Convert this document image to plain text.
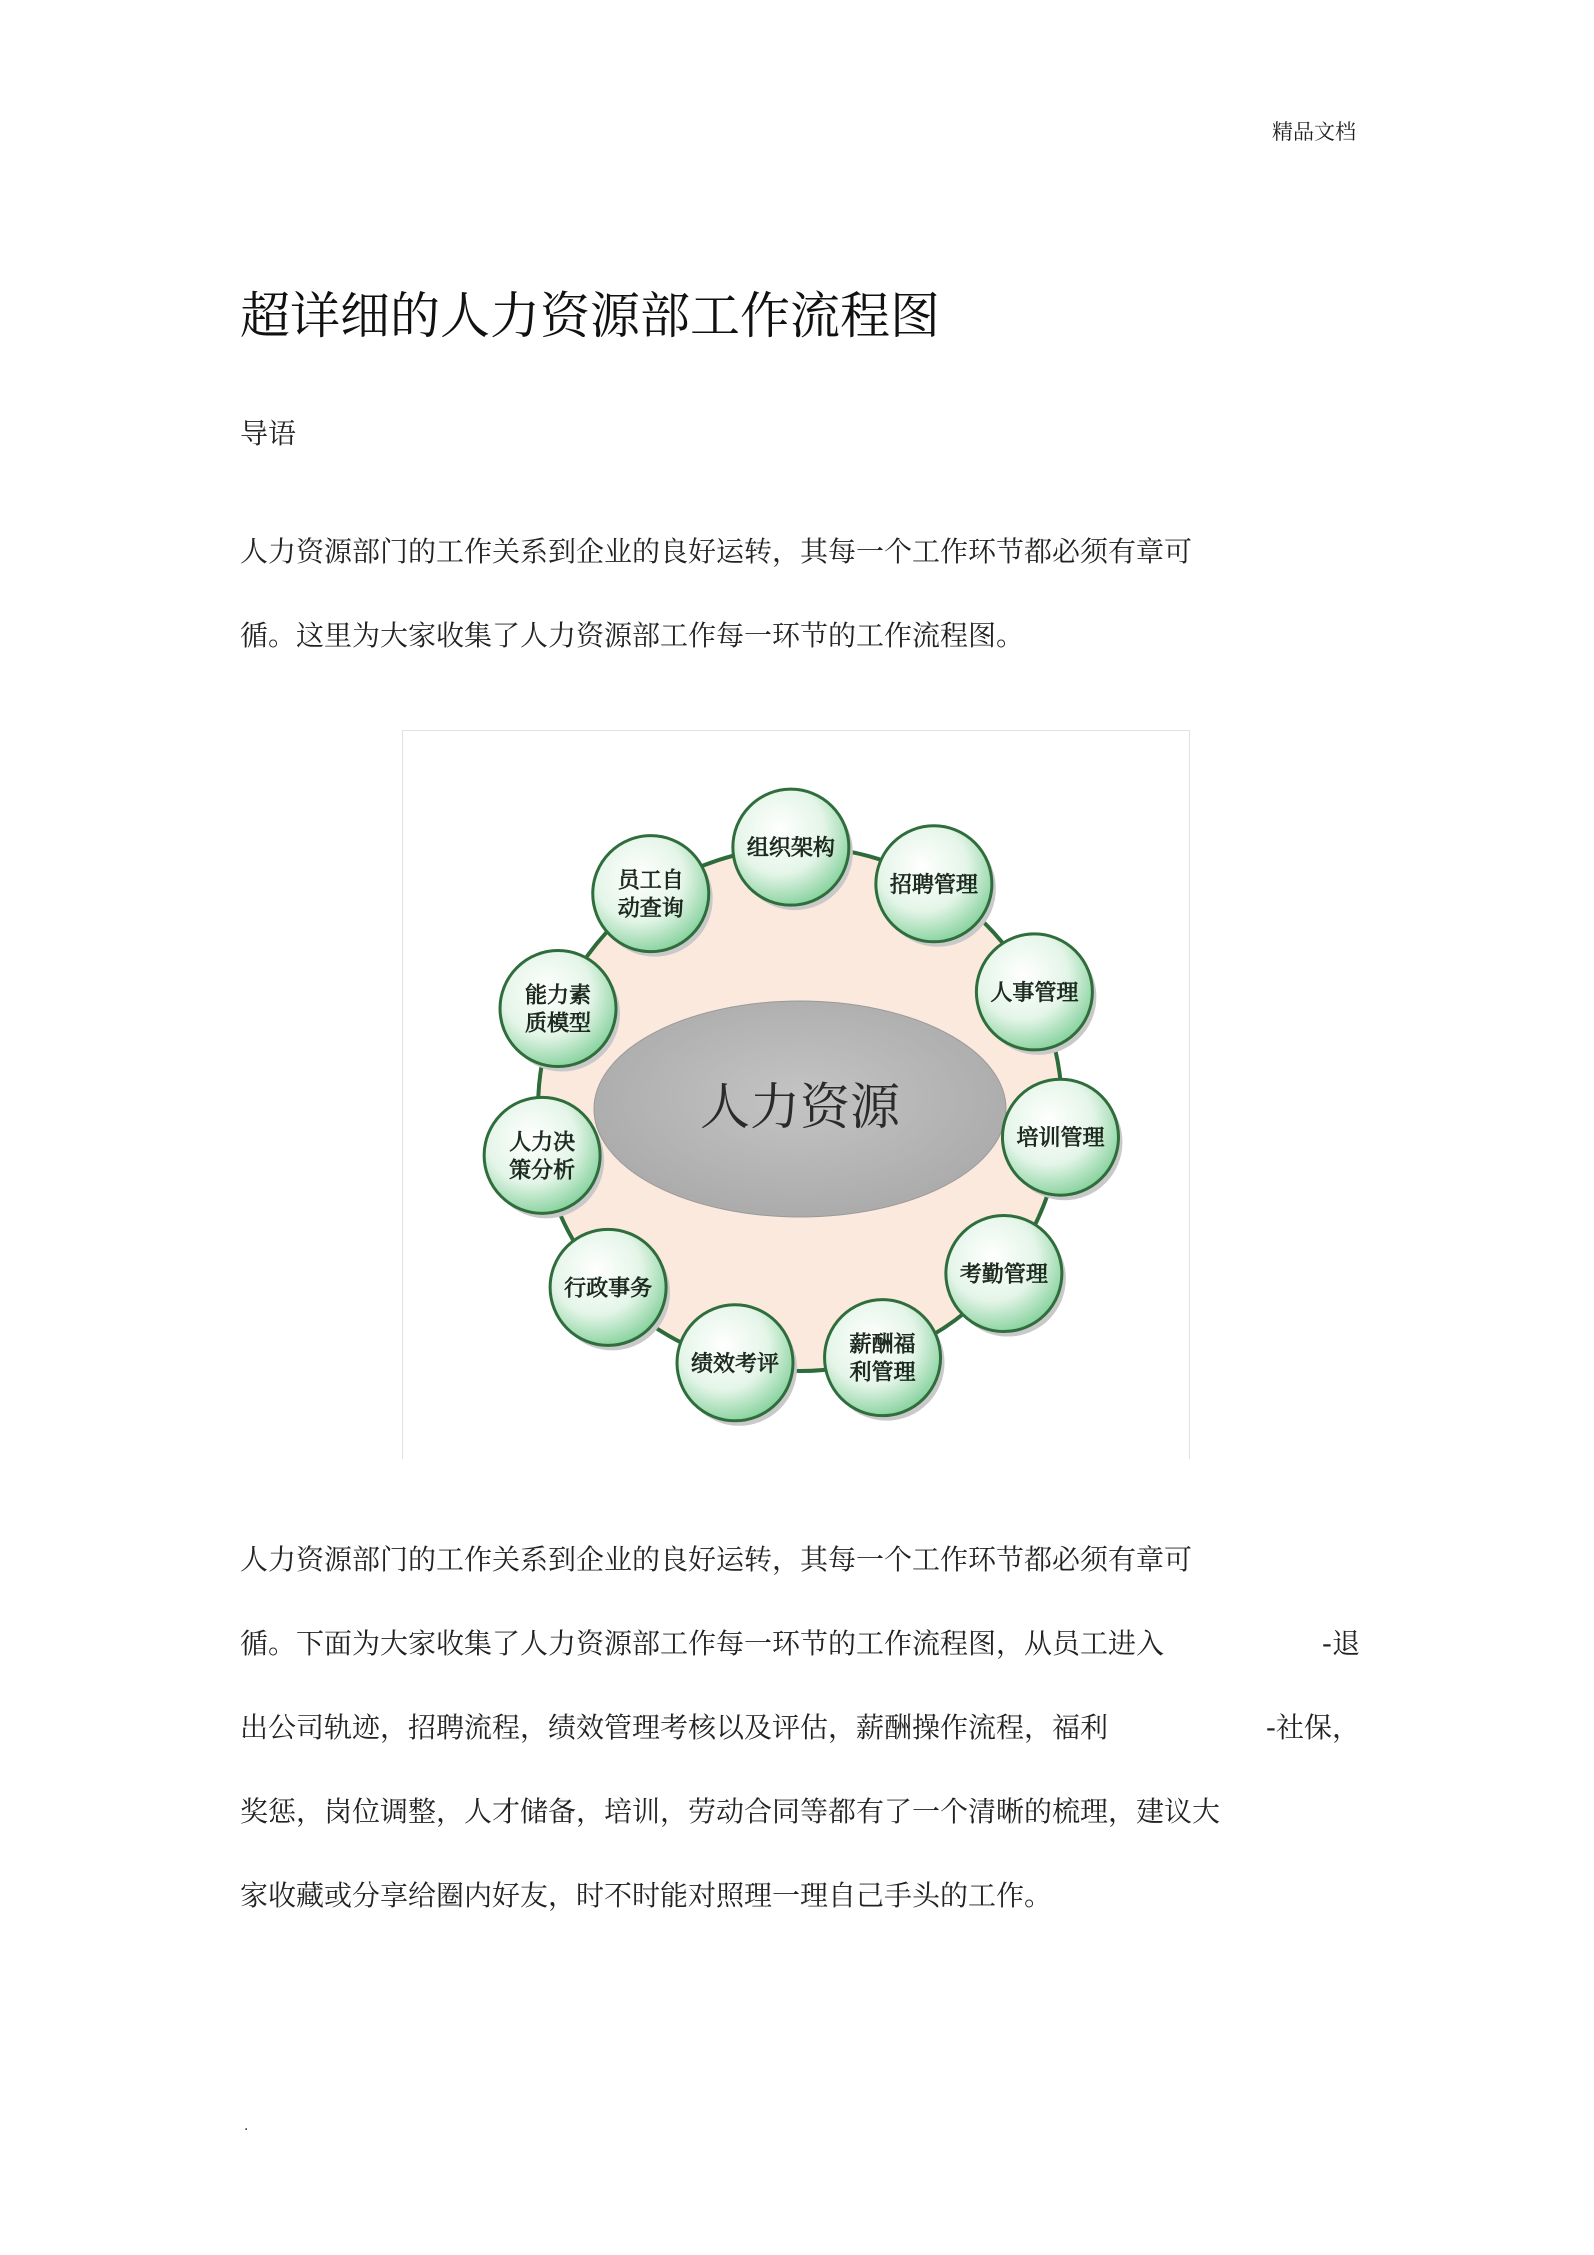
精品文档
超详细的人力资源部工作流程图
导语
人力资源部门的工作关系到企业的良好运转，其每一个工作环节都必须有章可
循。这里为大家收集了人力资源部工作每一环节的工作流程图。
人力资源
组织架构
招聘管理
人事管理
培训管理
考勤管理
薪酬福
利管理
绩效考评
行政事务
人力决
策分析
能力素
质模型
员工自
动查询
人力资源部门的工作关系到企业的良好运转，其每一个工作环节都必须有章可
循。下面为大家收集了人力资源部工作每一环节的工作流程图，从员工进入	-退
出公司轨迹，招聘流程，绩效管理考核以及评估，薪酬操作流程，福利	-社保，
奖惩，岗位调整，人才储备，培训，劳动合同等都有了一个清晰的梳理，建议大
家收藏或分享给圈内好友，时不时能对照理一理自己手头的工作。
.
